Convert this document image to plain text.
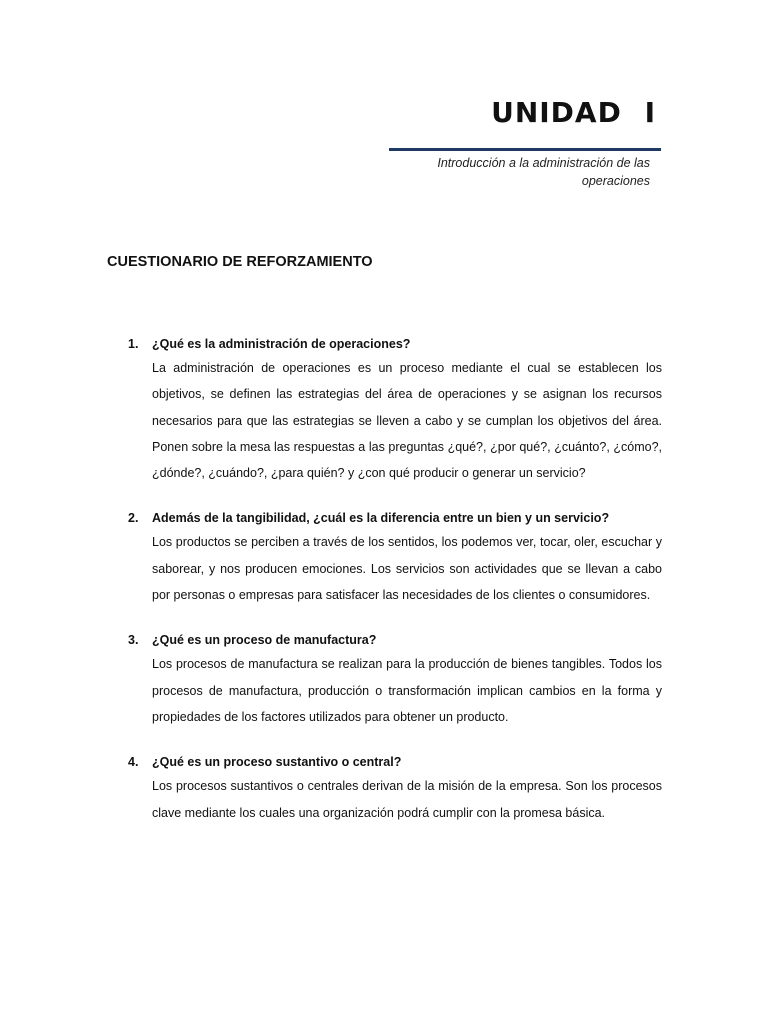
UNIDAD I
Introducción a la administración de las operaciones
CUESTIONARIO DE REFORZAMIENTO
1. ¿Qué es la administración de operaciones?

La administración de operaciones es un proceso mediante el cual se establecen los objetivos, se definen las estrategias del área de operaciones y se asignan los recursos necesarios para que las estrategias se lleven a cabo y se cumplan los objetivos del área. Ponen sobre la mesa las respuestas a las preguntas ¿qué?, ¿por qué?, ¿cuánto?, ¿cómo?, ¿dónde?, ¿cuándo?, ¿para quién? y ¿con qué producir o generar un servicio?

2. Además de la tangibilidad, ¿cuál es la diferencia entre un bien y un servicio?

Los productos se perciben a través de los sentidos, los podemos ver, tocar, oler, escuchar y saborear, y nos producen emociones. Los servicios son actividades que se llevan a cabo por personas o empresas para satisfacer las necesidades de los clientes o consumidores.

3. ¿Qué es un proceso de manufactura?

Los procesos de manufactura se realizan para la producción de bienes tangibles. Todos los procesos de manufactura, producción o transformación implican cambios en la forma y propiedades de los factores utilizados para obtener un producto.

4. ¿Qué es un proceso sustantivo o central?

Los procesos sustantivos o centrales derivan de la misión de la empresa. Son los procesos clave mediante los cuales una organización podrá cumplir con la promesa básica.
